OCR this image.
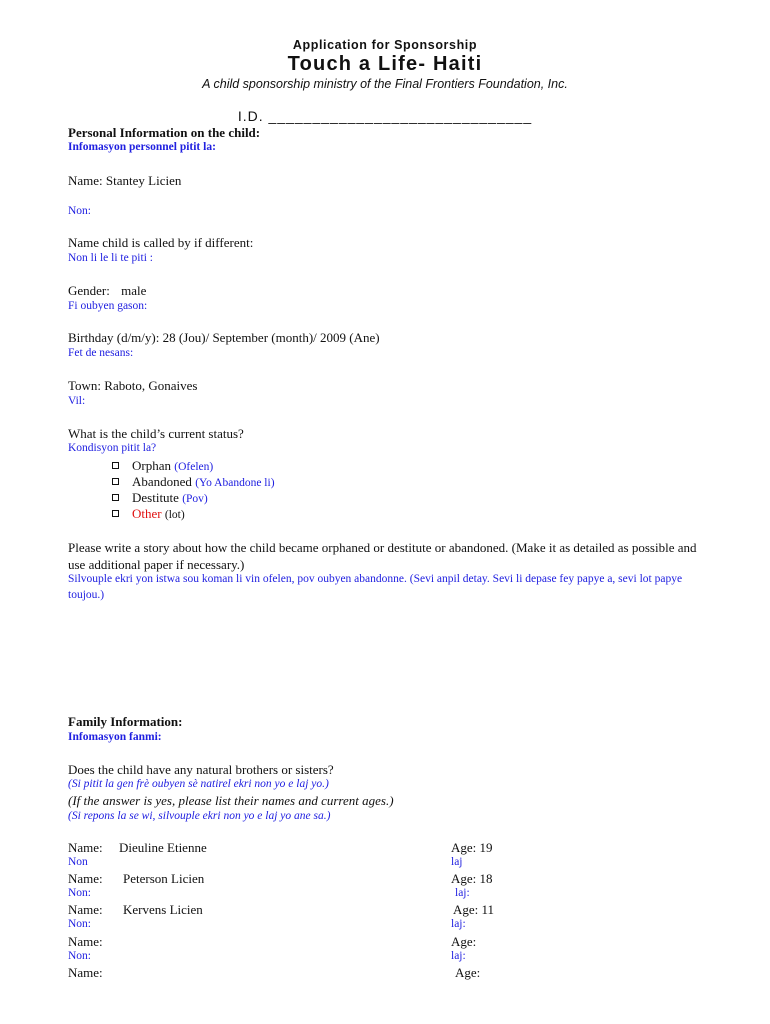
Application for Sponsorship
Touch a Life- Haiti
A child sponsorship ministry of the Final Frontiers Foundation, Inc.
I.D. ______________________________
Personal Information on the child:
Infomasyon personnel pitit la:
Name: Stantey Licien
Non:
Name child is called by if different:
Non li le li te piti :
Gender: male
Fi oubyen gason:
Birthday (d/m/y): 28 (Jou)/ September (month)/ 2009 (Ane)
Fet de nesans:
Town: Raboto, Gonaives
Vil:
What is the child’s current status?
Kondisyon pitit la?
Orphan (Ofelen)
Abandoned (Yo Abandone li)
Destitute (Pov)
Other (lot)
Please write a story about how the child became orphaned or destitute or abandoned. (Make it as detailed as possible and use additional paper if necessary.)
Silvouple ekri yon istwa sou koman li vin ofelen, pov oubyen abandonne. (Sevi anpil detay. Sevi li depase fey papye a, sevi lot papye toujou.)
Family Information:
Infomasyon fanmi:
Does the child have any natural brothers or sisters?
(Si pitit la gen frè oubyen sè natirel ekri non yo e laj yo.)
(If the answer is yes, please list their names and current ages.)
(Si repons la se wi, silvouple ekri non yo e laj yo ane sa.)
Name: Dieuline Etienne	Age: 19
Non	laj
Name: Peterson Licien	Age: 18
Non:	laj:
Name: Kervens Licien	Age: 11
Non:	laj:
Name:	Age:
Non:	laj:
Name:	Age:
